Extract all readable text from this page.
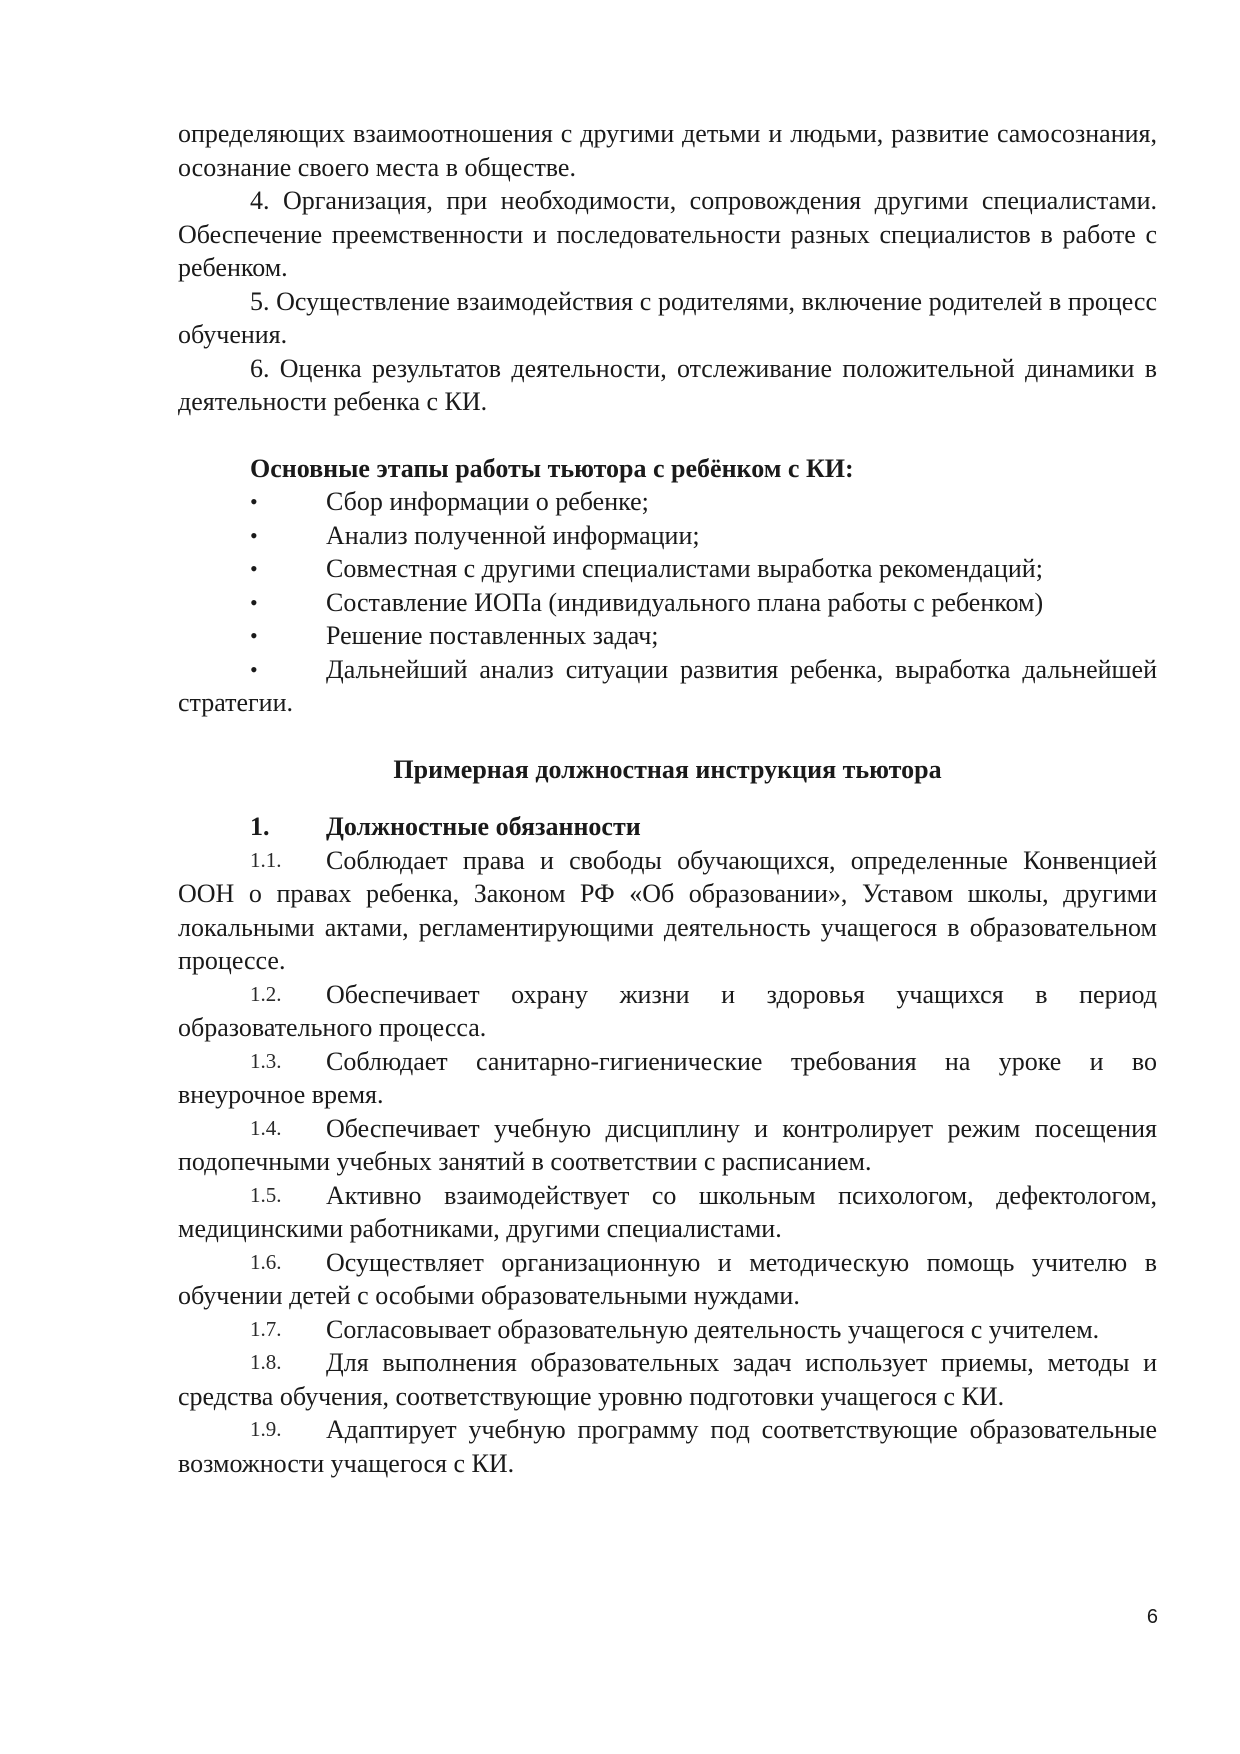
определяющих взаимоотношения с другими детьми и людьми, развитие самосознания, осознание своего места в обществе.

4. Организация, при необходимости, сопровождения другими специалистами. Обеспечение преемственности и последовательности разных специалистов в работе с ребенком.

5. Осуществление взаимодействия с родителями, включение родителей в процесс обучения.

6. Оценка результатов деятельности, отслеживание положительной динамики в деятельности ребенка с КИ.

Основные этапы работы тьютора с ребёнком с КИ:

•	Сбор информации о ребенке;
•	Анализ полученной информации;
•	Совместная с другими специалистами выработка рекомендаций;
•	Составление ИОПа (индивидуального плана работы с ребенком)
•	Решение поставленных задач;
•	Дальнейший анализ ситуации развития ребенка, выработка дальнейшей стратегии.

Примерная должностная инструкция тьютора

1. Должностные обязанности

1.1. Соблюдает права и свободы обучающихся, определенные Конвенцией ООН о правах ребенка, Законом РФ «Об образовании», Уставом школы, другими локальными актами, регламентирующими деятельность учащегося в образовательном процессе.

1.2. Обеспечивает охрану жизни и здоровья учащихся в период образовательного процесса.

1.3. Соблюдает санитарно-гигиенические требования на уроке и во внеурочное время.

1.4. Обеспечивает учебную дисциплину и контролирует режим посещения подопечными учебных занятий в соответствии с расписанием.

1.5. Активно взаимодействует со школьным психологом, дефектологом, медицинскими работниками, другими специалистами.

1.6. Осуществляет организационную и методическую помощь учителю в обучении детей с особыми образовательными нуждами.

1.7. Согласовывает образовательную деятельность учащегося с учителем.

1.8. Для выполнения образовательных задач использует приемы, методы и средства обучения, соответствующие уровню подготовки учащегося с КИ.

1.9. Адаптирует учебную программу под соответствующие образовательные возможности учащегося с КИ.

6
